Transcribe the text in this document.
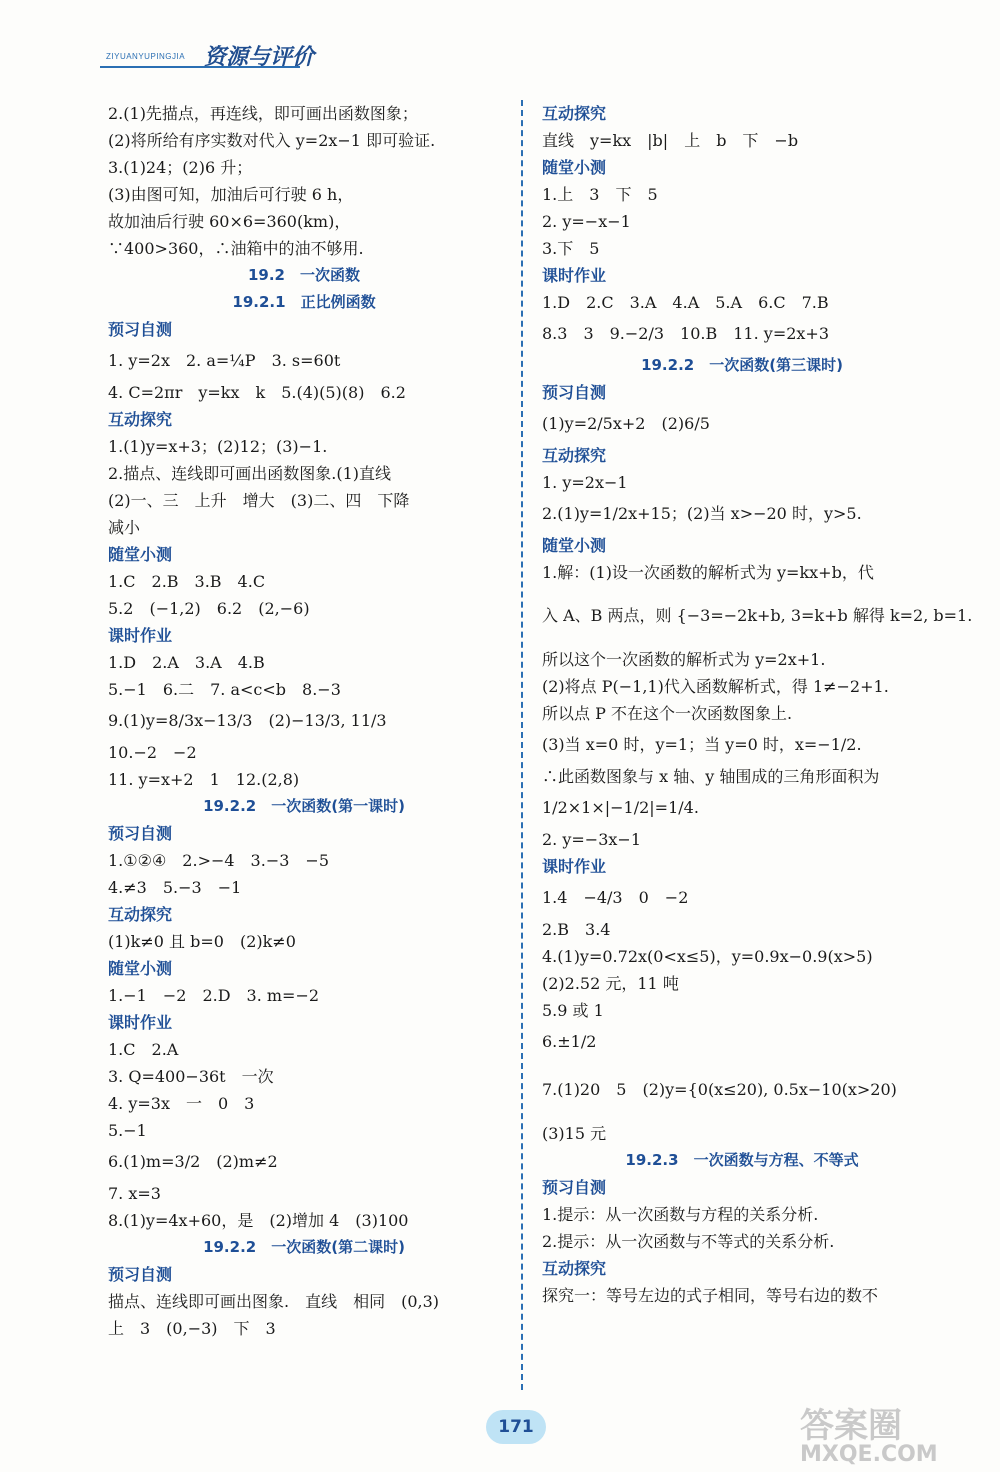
ZIYUANYUPINGJIA 资源与评价
2.(1)先描点，再连线，即可画出函数图象；
(2)将所给有序实数对代入 y=2x−1 即可验证.
3.(1)24；(2)6 升；
(3)由图可知，加油后可行驶 6 h，
故加油后行驶 60×6=360(km)，
∵400>360，∴油箱中的油不够用.
19.2　一次函数
19.2.1　正比例函数
预习自测
1. y=2x　2. a=¼P　3. s=60t
4. C=2πr　y=kx　k　5.(4)(5)(8)　6.2
互动探究
1.(1)y=x+3；(2)12；(3)−1.
2.描点、连线即可画出函数图象.(1)直线
(2)一、三　上升　增大　(3)二、四　下降
减小
随堂小测
1.C　2.B　3.B　4.C
5.2　(−1,2)　6.2　(2,−6)
课时作业
1.D　2.A　3.A　4.B
5.−1　6.二　7. a<c<b　8.−3
9.(1)y=8/3x−13/3　(2)−13/3, 11/3
10.−2　−2
11. y=x+2　1　12.(2,8)
19.2.2　一次函数(第一课时)
预习自测
1.①②④　2.>−4　3.−3　−5
4.≠3　5.−3　−1
互动探究
(1)k≠0 且 b=0　(2)k≠0
随堂小测
1.−1　−2　2.D　3. m=−2
课时作业
1.C　2.A
3. Q=400−36t　一次
4. y=3x　一　0　3
5.−1
6.(1)m=3/2　(2)m≠2
7. x=3
8.(1)y=4x+60，是　(2)增加 4　(3)100
19.2.2　一次函数(第二课时)
预习自测
描点、连线即可画出图象.　直线　相同　(0,3)
上　3　(0,−3)　下　3
互动探究
直线　y=kx　|b|　上　b　下　−b
随堂小测
1.上　3　下　5
2. y=−x−1
3.下　5
课时作业
1.D　2.C　3.A　4.A　5.A　6.C　7.B
8.3　3　9.−2/3　10.B　11. y=2x+3
19.2.2　一次函数(第三课时)
预习自测
(1)y=2/5x+2　(2)6/5
互动探究
1. y=2x−1
2.(1)y=1/2x+15；(2)当 x>−20 时，y>5.
随堂小测
1.解：(1)设一次函数的解析式为 y=kx+b，代
入 A、B 两点，则 {−3=−2k+b, 3=k+b 解得 k=2, b=1.
所以这个一次函数的解析式为 y=2x+1.
(2)将点 P(−1,1)代入函数解析式，得 1≠−2+1.
所以点 P 不在这个一次函数图象上.
(3)当 x=0 时，y=1；当 y=0 时，x=−1/2.
∴此函数图象与 x 轴、y 轴围成的三角形面积为
1/2×1×|−1/2|=1/4.
2. y=−3x−1
课时作业
1.4　−4/3　0　−2
2.B　3.4
4.(1)y=0.72x(0<x≤5)，y=0.9x−0.9(x>5)
(2)2.52 元，11 吨
5.9 或 1
6.±1/2
7.(1)20　5　(2)y={0(x≤20), 0.5x−10(x>20)
(3)15 元
19.2.3　一次函数与方程、不等式
预习自测
1.提示：从一次函数与方程的关系分析.
2.提示：从一次函数与不等式的关系分析.
互动探究
探究一：等号左边的式子相同，等号右边的数不
171	答案圈
MXQE.COM
